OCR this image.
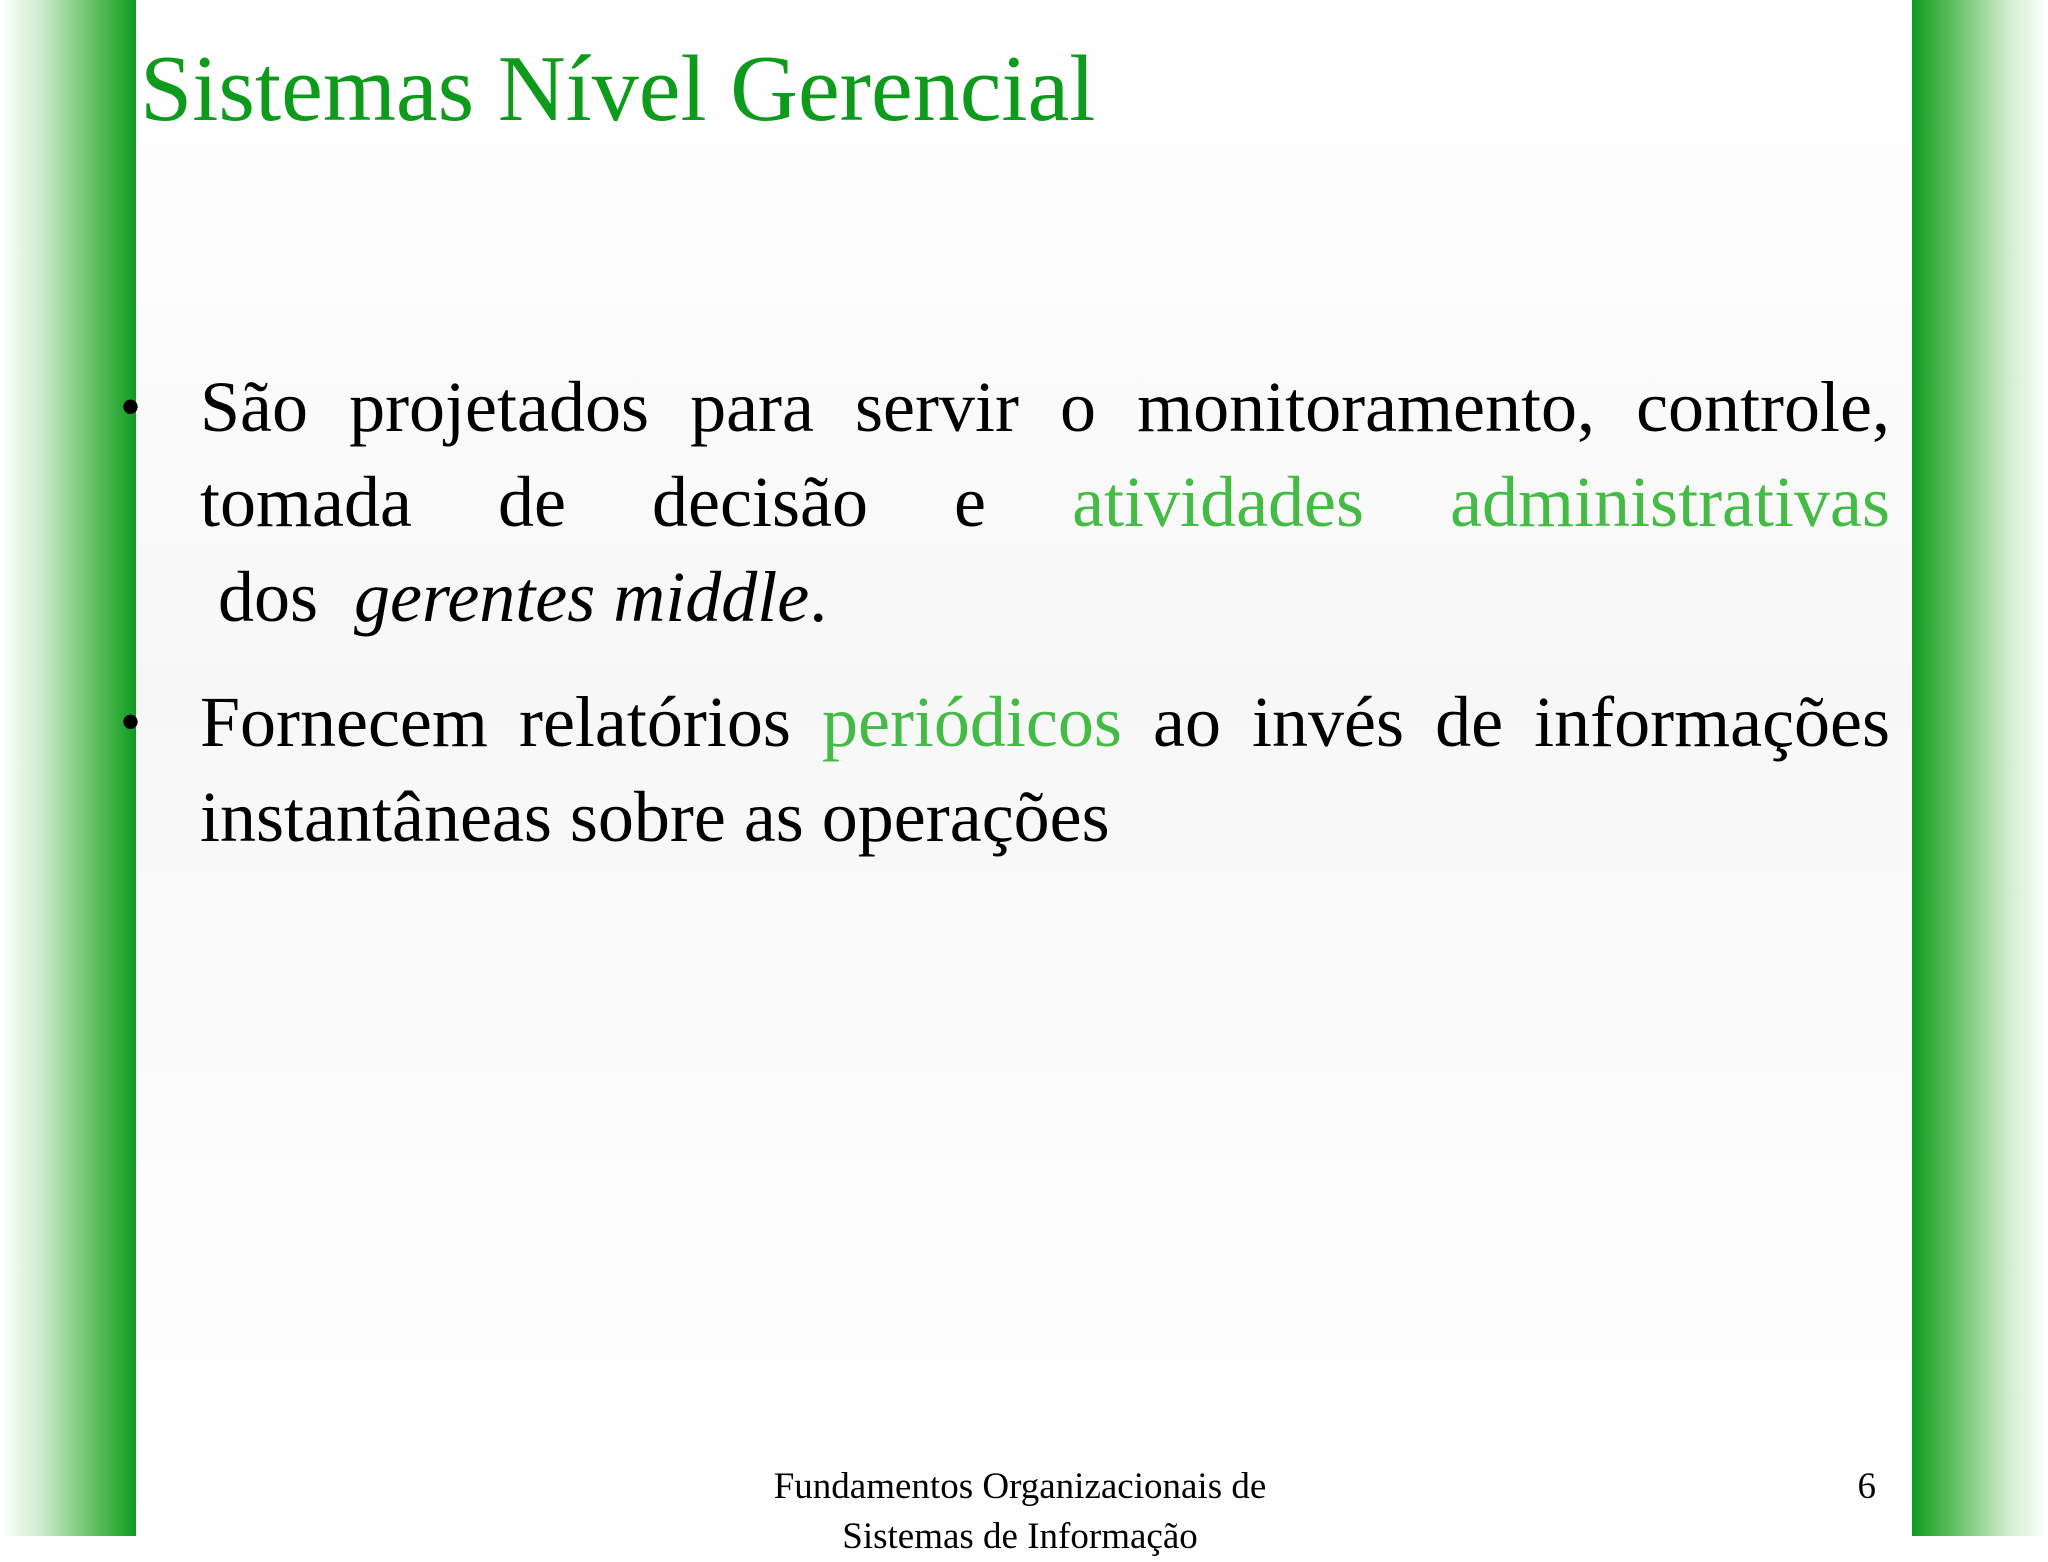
Sistemas Nível Gerencial
• São projetados para servir o monitoramento, controle, tomada de decisão e atividades administrativas dos  gerentes middle.
• Fornecem relatórios periódicos ao invés de informações instantâneas sobre as operações
Fundamentos Organizacionais de
Sistemas de Informação
6
